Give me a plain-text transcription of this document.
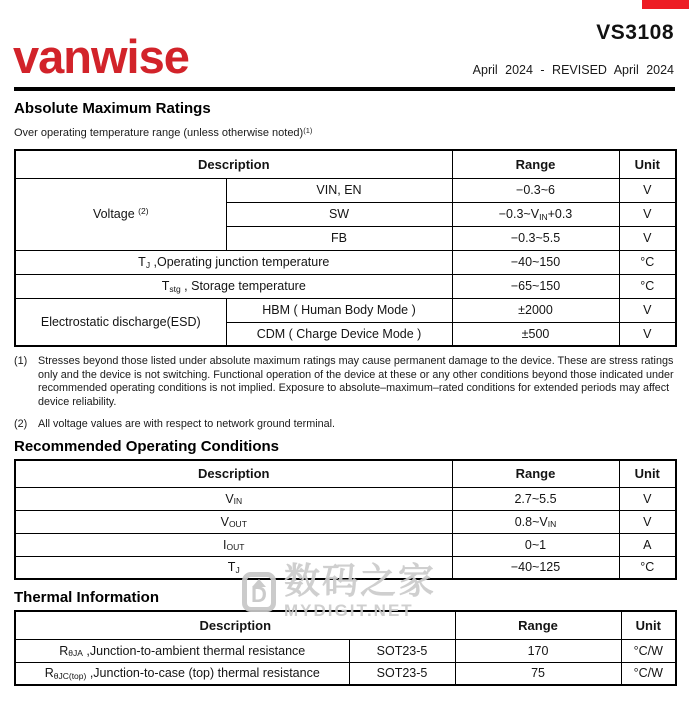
vanwise	VS3108
April 2024 - REVISED April 2024
Absolute Maximum Ratings
Over operating temperature range (unless otherwise noted)$^{(1)}$
Description		Range	Unit
Voltage $^{(2)}$	VIN, EN	−0.3~6	V
	SW	$-0.3\sim V_{IN}+0.3$	V
	FB	−0.3~5.5	V
$T_J$ ,Operating junction temperature		−40~150	°C
$T_{stg}$ , Storage temperature		−65~150	°C
Electrostatic discharge(ESD)	HBM ( Human Body Mode )	±2000	V
	CDM ( Charge Device Mode )	±500	V
(1) Stresses beyond those listed under absolute maximum ratings may cause permanent damage to the device. These are stress ratings only and the device is not switching. Functional operation of the device at these or any other conditions beyond those indicated under recommended operating conditions is not implied. Exposure to absolute–maximum–rated conditions for extended periods may affect device reliability.
(2) All voltage values are with respect to network ground terminal.
Recommended Operating Conditions
Description	Range	Unit
$V_{IN}$	2.7~5.5	V
$V_{OUT}$	$0.8\sim V_{IN}$	V
$I_{OUT}$	0~1	A
$T_J$	−40~125	°C
Thermal Information
Description		Range	Unit
$R_{\theta JA}$ ,Junction-to-ambient thermal resistance	SOT23-5	170	°C/W
$R_{\theta JC(top)}$ ,Junction-to-case (top) thermal resistance	SOT23-5	75	°C/W
D 数码之家
MYDIGIT.NET
